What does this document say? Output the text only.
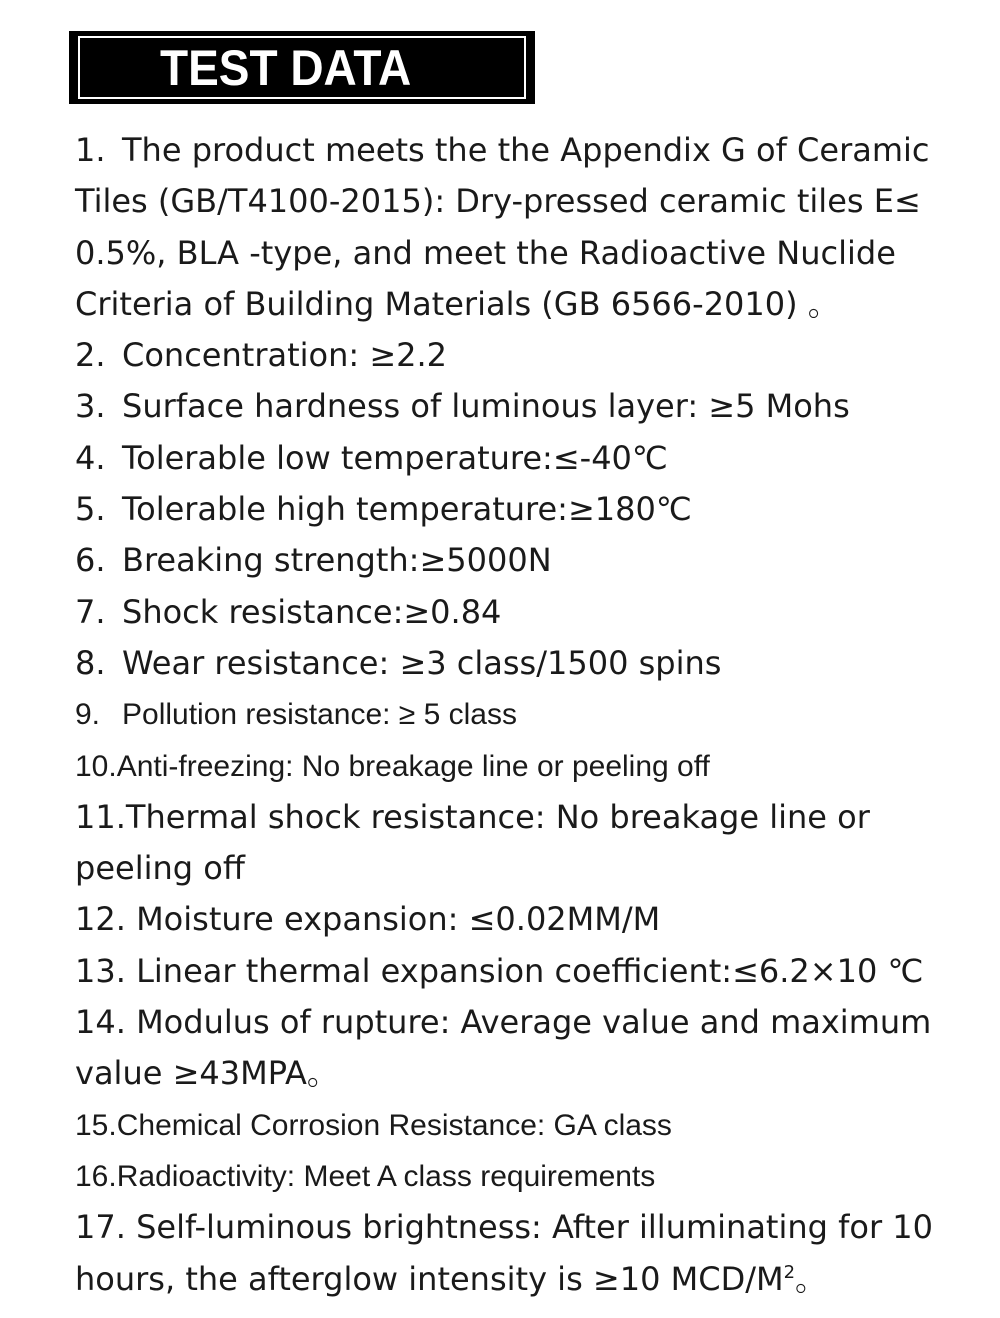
TEST DATA
1. The product meets the the Appendix G of Ceramic
Tiles (GB/T4100-2015): Dry-pressed ceramic tiles E≤
0.5%, BLA -type, and meet the Radioactive Nuclide
Criteria of Building Materials (GB 6566-2010) 。
2. Concentration: ≥2.2
3. Surface hardness of luminous layer: ≥5 Mohs
4. Tolerable low temperature:≤-40℃
5. Tolerable high temperature:≥180℃
6. Breaking strength:≥5000N
7. Shock resistance:≥0.84
8. Wear resistance: ≥3 class/1500 spins
9. Pollution resistance: ≥ 5 class
10.Anti-freezing: No breakage line or peeling off
11.Thermal shock resistance: No breakage line or
peeling off
12. Moisture expansion: ≤0.02MM/M
13. Linear thermal expansion coefficient:≤6.2×10 ℃
14. Modulus of rupture: Average value and maximum
value ≥43MPA。
15.Chemical Corrosion Resistance: GA class
16.Radioactivity: Meet A class requirements
17. Self-luminous brightness: After illuminating for 10
hours, the afterglow intensity is ≥10 MCD/$M^2$。
